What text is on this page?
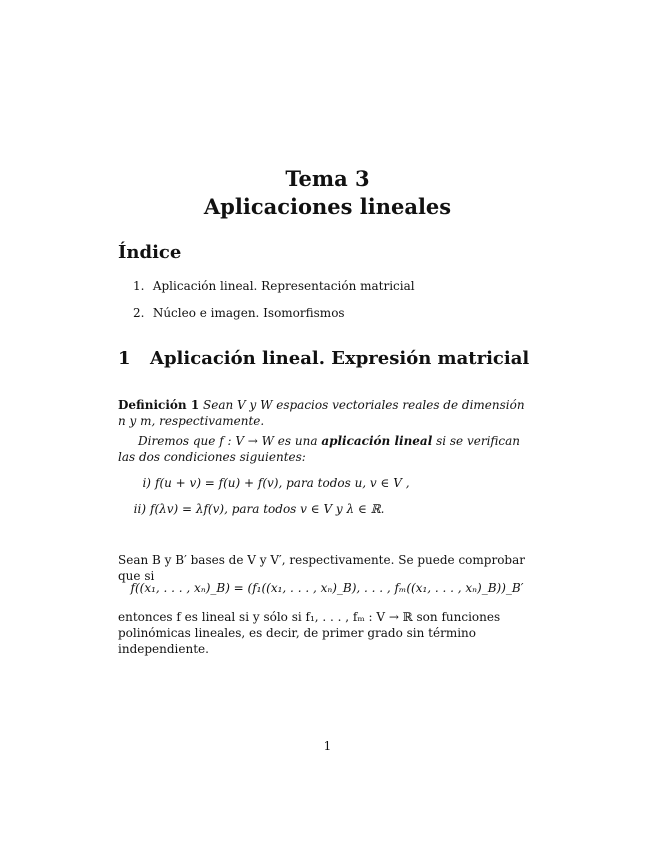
Tema 3
Aplicaciones lineales
Índice
1. Aplicación lineal. Representación matricial
2. Núcleo e imagen. Isomorfismos
1 Aplicación lineal. Expresión matricial
Definición 1 Sean V y W espacios vectoriales reales de dimensión n y m, respectivamente.
Diremos que f : V → W es una aplicación lineal si se verifican las dos condiciones siguientes:
i) f(u + v) = f(u) + f(v), para todos u, v ∈ V ,
ii) f(λv) = λf(v), para todos v ∈ V y λ ∈ ℝ.
Sean B y B′ bases de V y V′, respectivamente. Se puede comprobar que si
f((x₁, . . . , xₙ)_B) = (f₁((x₁, . . . , xₙ)_B), . . . , fₘ((x₁, . . . , xₙ)_B))_B′
entonces f es lineal si y sólo si f₁, . . . , fₘ : V → ℝ son funciones polinómicas lineales, es decir, de primer grado sin término independiente.
1
